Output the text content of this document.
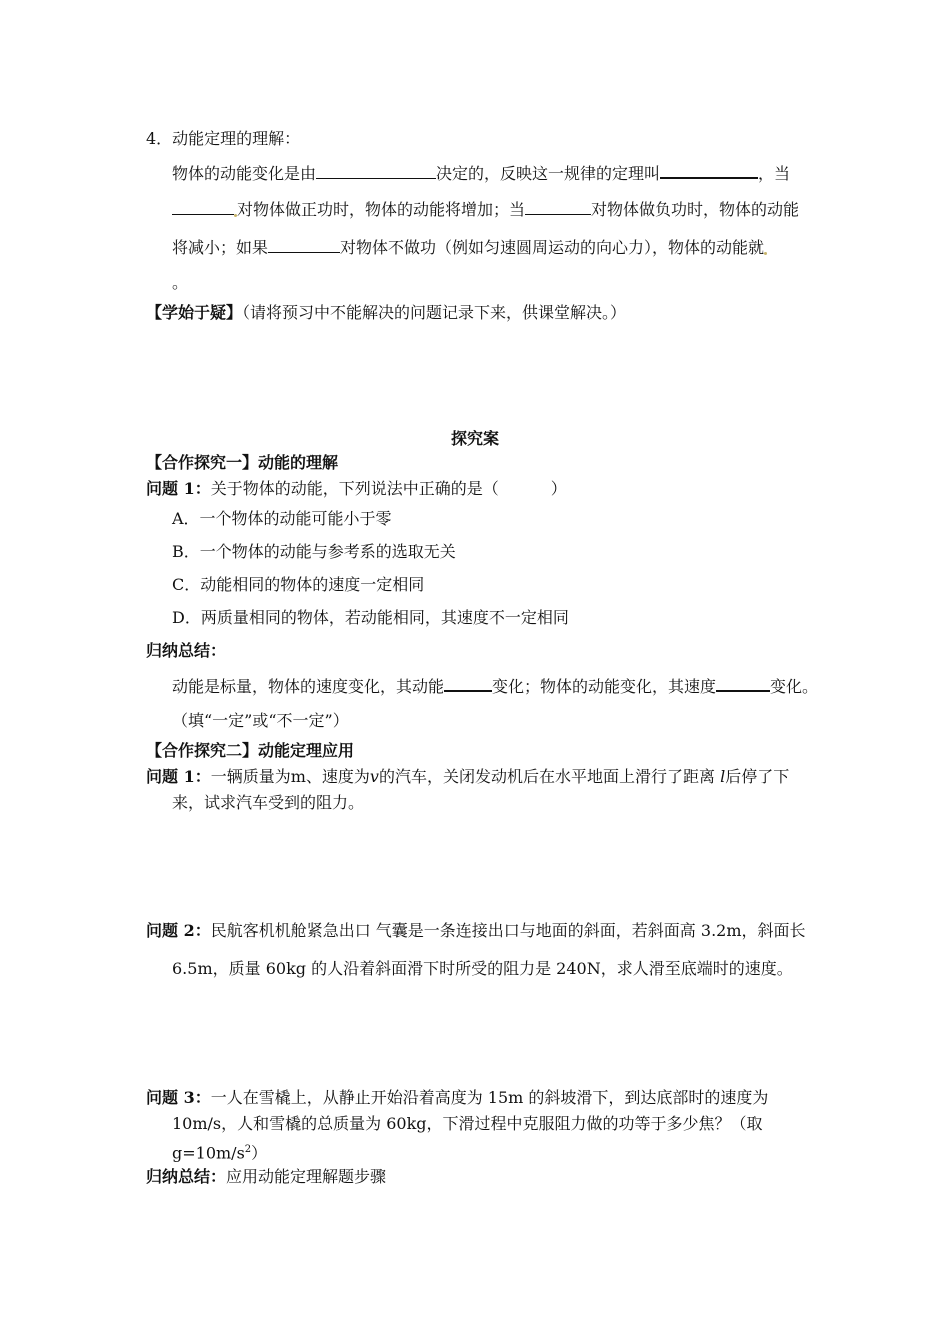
4．动能定理的理解：
物体的动能变化是由	决定的，反映这一规律的定理叫	，当
对物体做正功时，物体的动能将增加；当	对物体做负功时，物体的动能
将减小；如果	对物体不做功（例如匀速圆周运动的向心力），物体的动能就
。
【学始于疑】（请将预习中不能解决的问题记录下来，供课堂解决。）
探究案
【合作探究一】动能的理解
问题 1：关于物体的动能，下列说法中正确的是（	）
A．一个物体的动能可能小于零
B．一个物体的动能与参考系的选取无关
C．动能相同的物体的速度一定相同
D．两质量相同的物体，若动能相同，其速度不一定相同
归纳总结：
动能是标量，物体的速度变化，其动能	变化；物体的动能变化，其速度	变化。
（填“一定”或“不一定”）
【合作探究二】动能定理应用
问题 1：一辆质量为m、速度为v的汽车，关闭发动机后在水平地面上滑行了距离 l后停了下
来，试求汽车受到的阻力。
问题 2：民航客机机舱紧急出口 气囊是一条连接出口与地面的斜面，若斜面高 3.2m，斜面长
6.5m，质量 60kg 的人沿着斜面滑下时所受的阻力是 240N，求人滑至底端时的速度。
问题 3：一人在雪橇上，从静止开始沿着高度为 15m 的斜坡滑下，到达底部时的速度为
10m/s，人和雪橇的总质量为 60kg，下滑过程中克服阻力做的功等于多少焦？（取
$g=10m/s^2$）
归纳总结：应用动能定理解题步骤
